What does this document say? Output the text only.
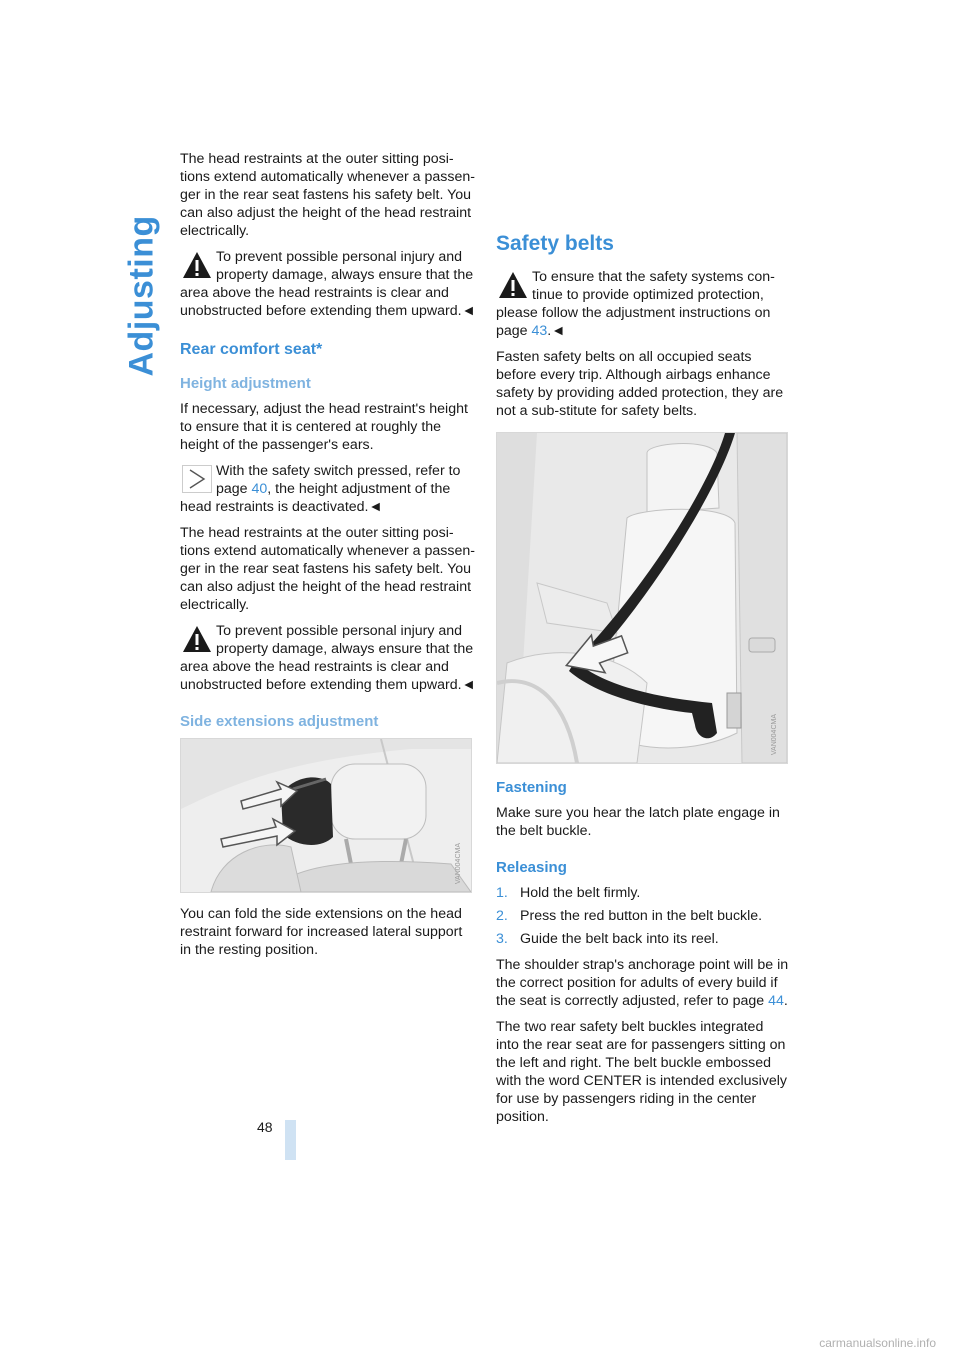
Adjusting
48

The head restraints at the outer sitting posi-tions extend automatically whenever a passen-ger in the rear seat fastens his safety belt. You can also adjust the height of the head restraint electrically.

To prevent possible personal injury and property damage, always ensure that the
area above the head restraints is clear and unobstructed before extending them upward.◄
Rear comfort seat*
Height adjustment

If necessary, adjust the head restraint's height to ensure that it is centered at roughly the height of the passenger's ears.

With the safety switch pressed, refer to page 40, the height adjustment of the
head restraints is deactivated.◄

The head restraints at the outer sitting posi-tions extend automatically whenever a passen-ger in the rear seat fastens his safety belt. You can also adjust the height of the head restraint electrically.

To prevent possible personal injury and property damage, always ensure that the
area above the head restraints is clear and unobstructed before extending them upward.◄
Side extensions adjustment
VAN004CMA

You can fold the side extensions on the head restraint forward for increased lateral support in the resting position.

Safety belts
To ensure that the safety systems con-tinue to provide optimized protection,
please follow the adjustment instructions on page 43.◄

Fasten safety belts on all occupied seats before every trip. Although airbags enhance safety by providing added protection, they are not a sub-stitute for safety belts.

VAN004CMA
Fastening

Make sure you hear the latch plate engage in the belt buckle.

Releasing
1. Hold the belt firmly.
2. Press the red button in the belt buckle.
3. Guide the belt back into its reel.

The shoulder strap's anchorage point will be in the correct position for adults of every build if the seat is correctly adjusted, refer to page 44.

The two rear safety belt buckles integrated into the rear seat are for passengers sitting on the left and right. The belt buckle embossed with the word CENTER is intended exclusively for use by passengers riding in the center position.

carmanualsonline.info
